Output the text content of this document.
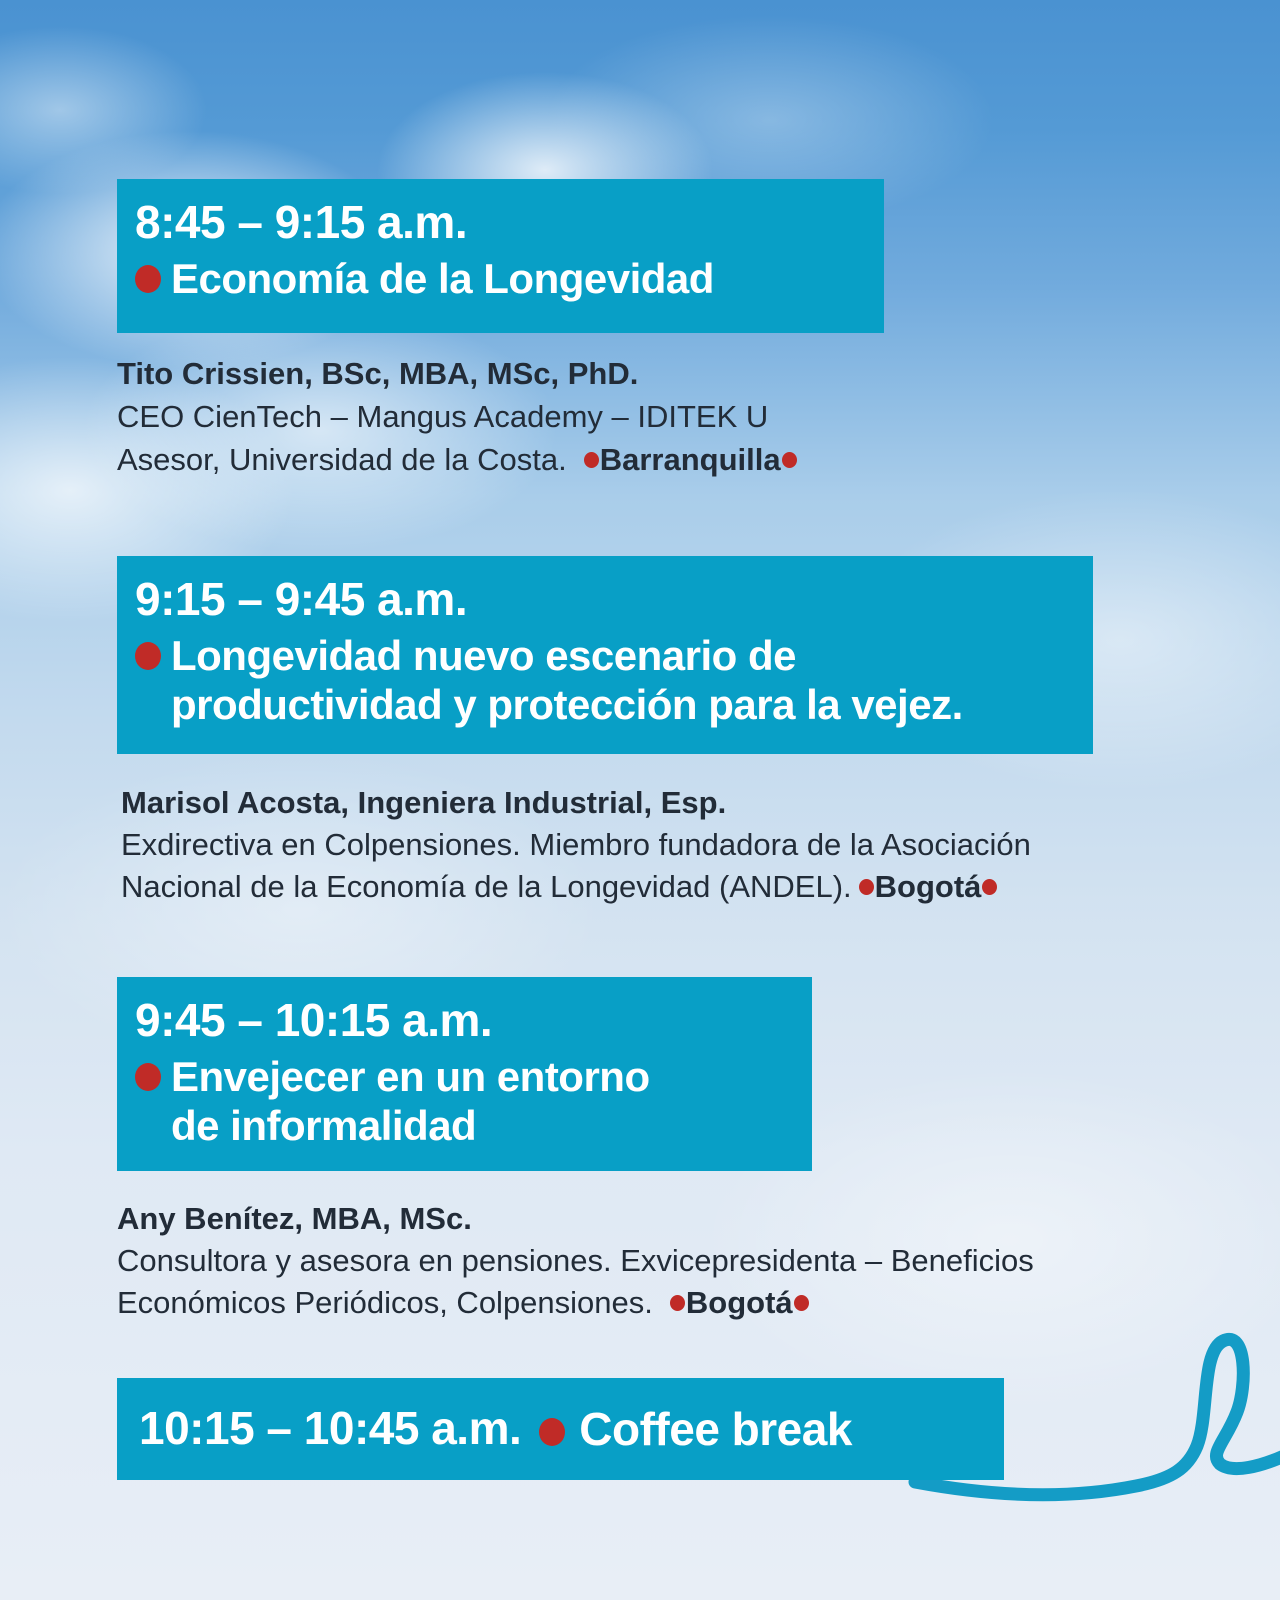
8:45 – 9:15 a.m.
Economía de la Longevidad
Tito Crissien, BSc, MBA, MSc, PhD.
CEO CienTech – Mangus Academy – IDITEK U
Asesor, Universidad de la Costa. Barranquilla
9:15 – 9:45 a.m.
Longevidad nuevo escenario de
productividad y protección para la vejez.
Marisol Acosta, Ingeniera Industrial, Esp.
Exdirectiva en Colpensiones. Miembro fundadora de la Asociación
Nacional de la Economía de la Longevidad (ANDEL). Bogotá
9:45 – 10:15 a.m.
Envejecer en un entorno
de informalidad
Any Benítez, MBA, MSc.
Consultora y asesora en pensiones. Exvicepresidenta – Beneficios
Económicos Periódicos, Colpensiones. Bogotá
10:15 – 10:45 a.m. Coffee break
